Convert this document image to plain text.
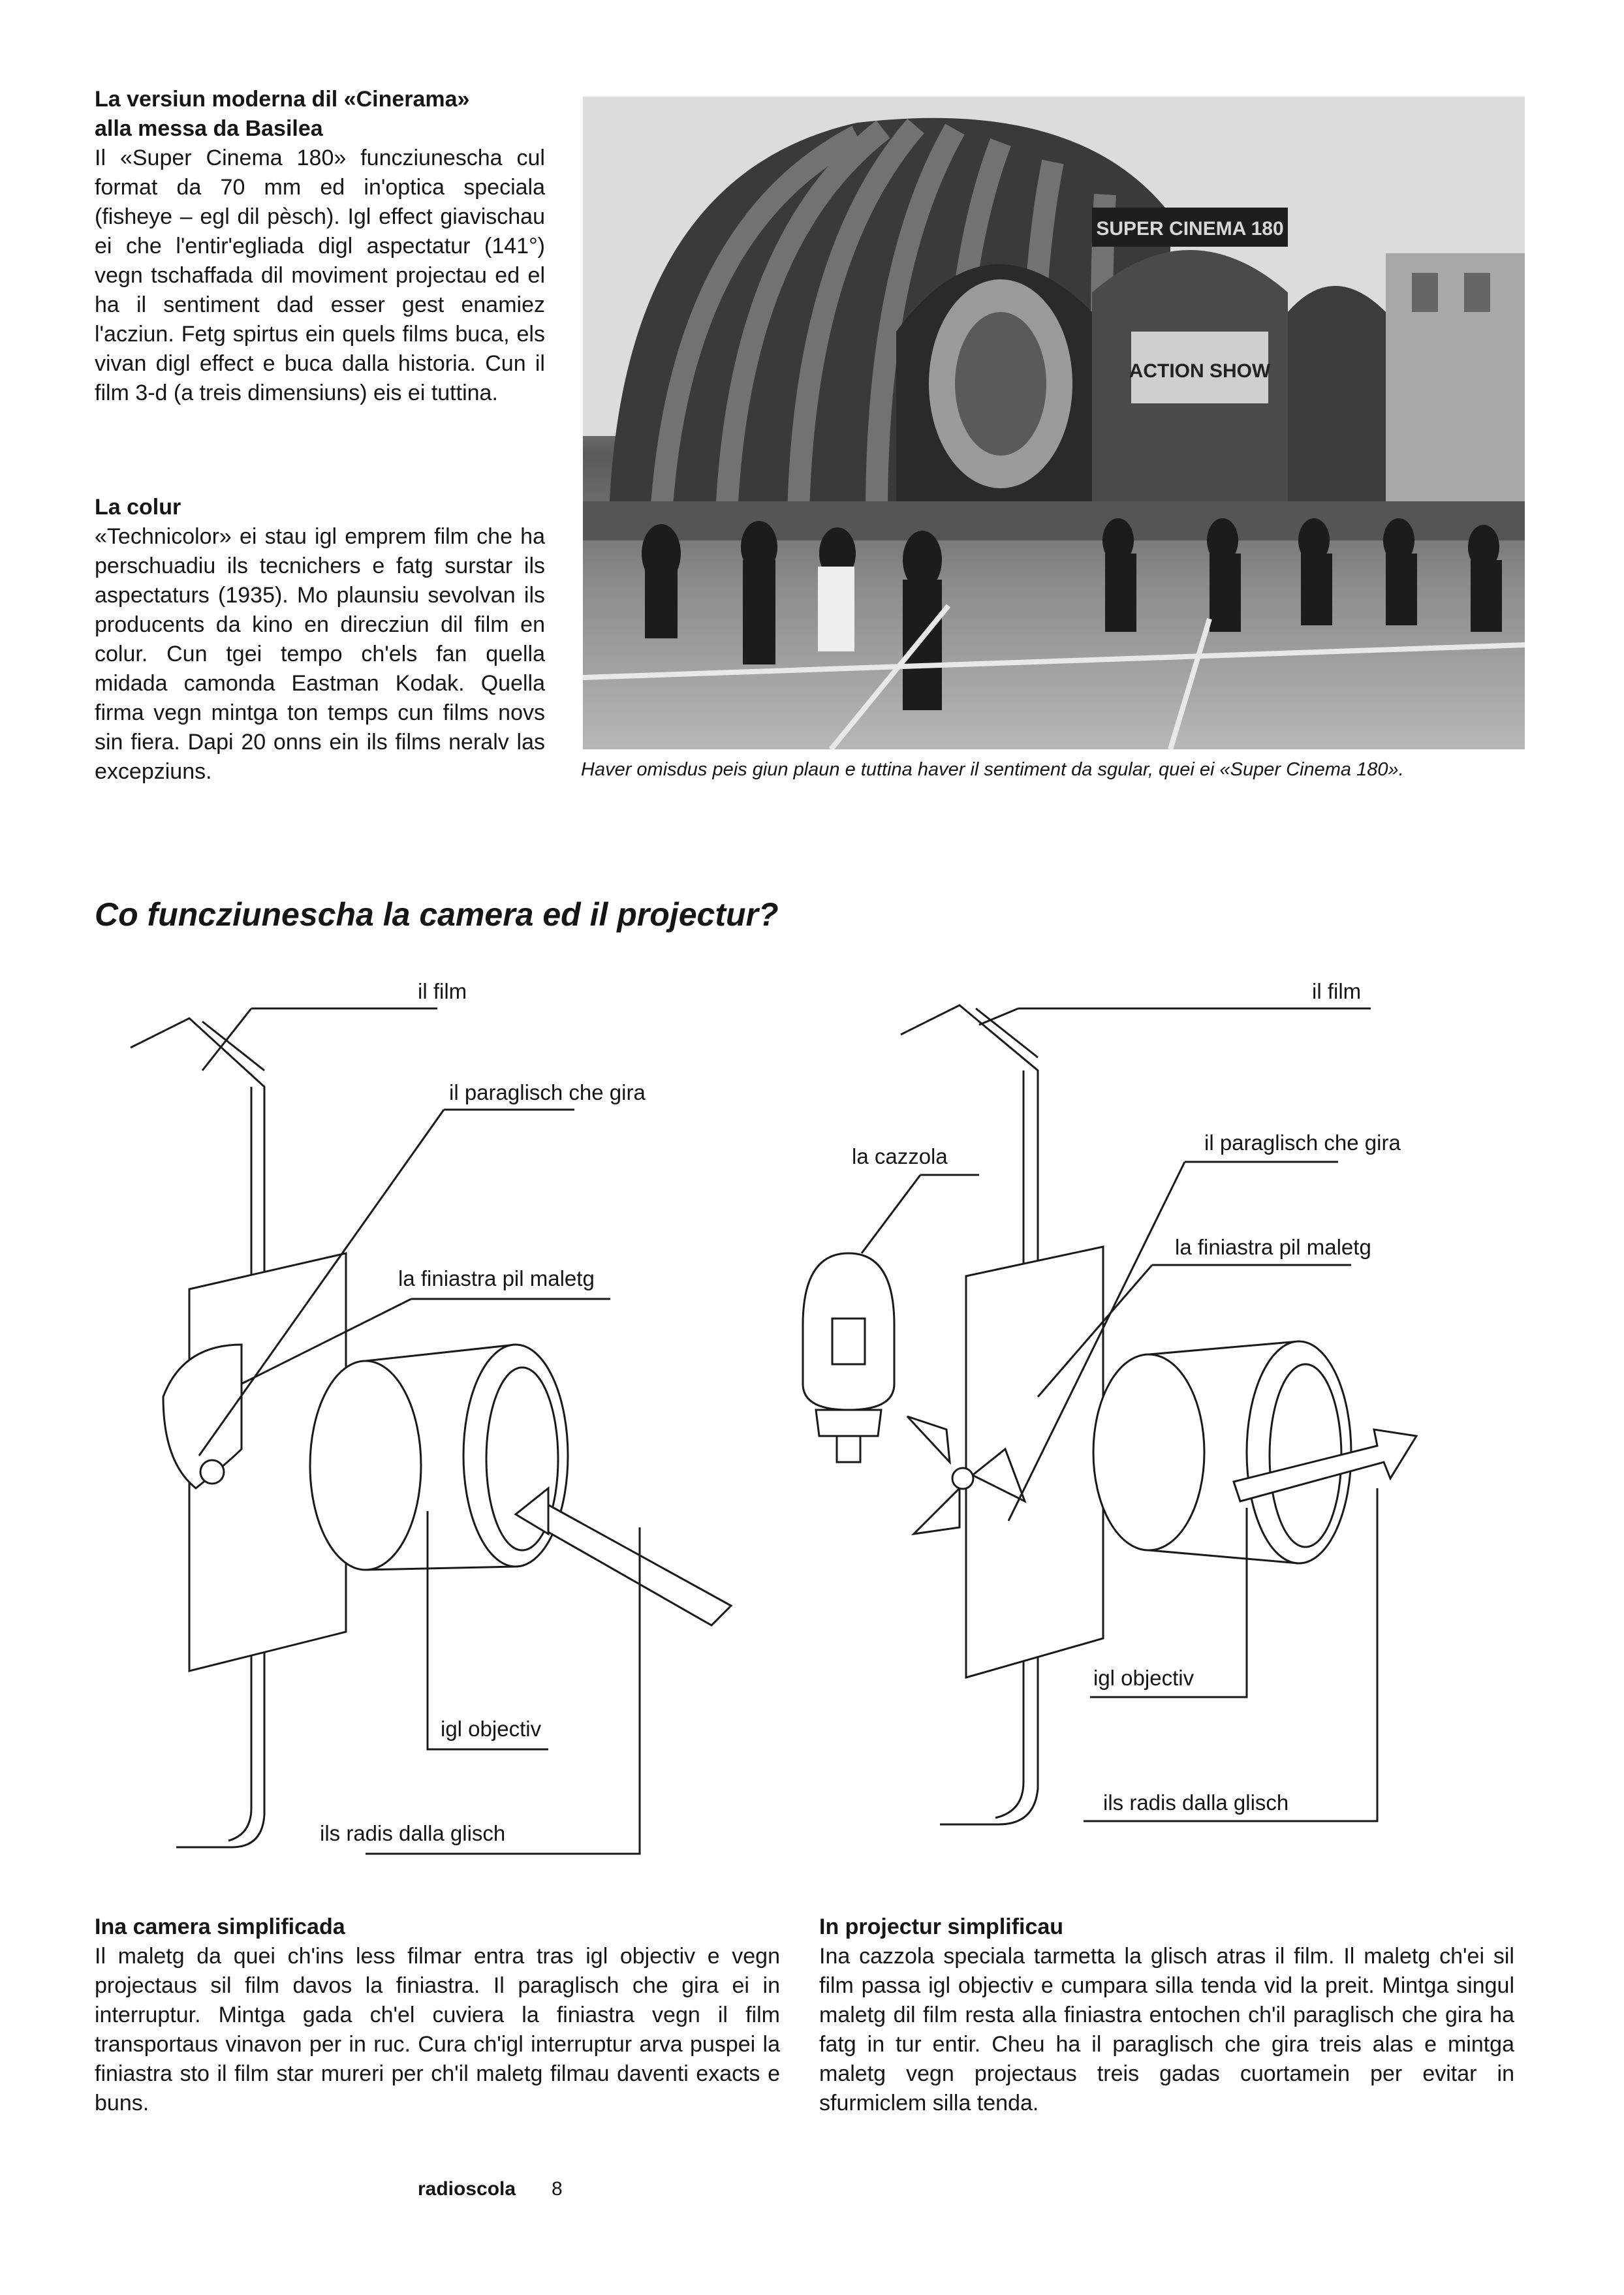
La versiun moderna dil «Cinerama»
alla messa da Basilea

Il «Super Cinema 180» funcziunescha cul format da 70 mm ed in'optica speciala (fisheye – egl dil pèsch). Igl effect giavischau ei che l'entir'egliada digl aspectatur (141°) vegn tschaffada dil moviment projectau ed el ha il sentiment dad esser gest enamiez l'acziun. Fetg spirtus ein quels films buca, els vivan digl effect e buca dalla historia. Cun il film 3-d (a treis dimensiuns) eis ei tuttina.

La colur

«Technicolor» ei stau igl emprem film che ha perschuadiu ils tecnichers e fatg surstar ils aspectaturs (1935). Mo plaunsiu sevolvan ils producents da kino en direcziun dil film en colur. Cun tgei tempo ch'els fan quella midada camonda Eastman Kodak. Quella firma vegn mintga ton temps cun films novs sin fiera. Dapi 20 onns ein ils films neralv las excepziuns.

SUPER CINEMA 180
ACTION SHOW
Haver omisdus peis giun plaun e tuttina haver il sentiment da sgular, quei ei «Super Cinema 180».
Co funcziunescha la camera ed il projectur?
il film
il paraglisch che gira
la finiastra pil maletg
igl objectiv
ils radis dalla glisch
il film
la cazzola
il paraglisch che gira
la finiastra pil maletg
igl objectiv
ils radis dalla glisch
Ina camera simplificada

Il maletg da quei ch'ins less filmar entra tras igl objectiv e vegn projectaus sil film davos la finiastra. Il paraglisch che gira ei in interruptur. Mintga gada ch'el cuviera la finiastra vegn il film transportaus vinavon per in ruc. Cura ch'igl interruptur arva puspei la finiastra sto il film star mureri per ch'il maletg filmau daventi exacts e buns.

In projectur simplificau

Ina cazzola speciala tarmetta la glisch atras il film. Il maletg ch'ei sil film passa igl objectiv e cumpara silla tenda vid la preit. Mintga singul maletg dil film resta alla finiastra entochen ch'il paraglisch che gira ha fatg in tur entir. Cheu ha il paraglisch che gira treis alas e mintga maletg vegn projectaus treis gadas cuortamein per evitar in sfurmiclem silla tenda.

radioscola 8
